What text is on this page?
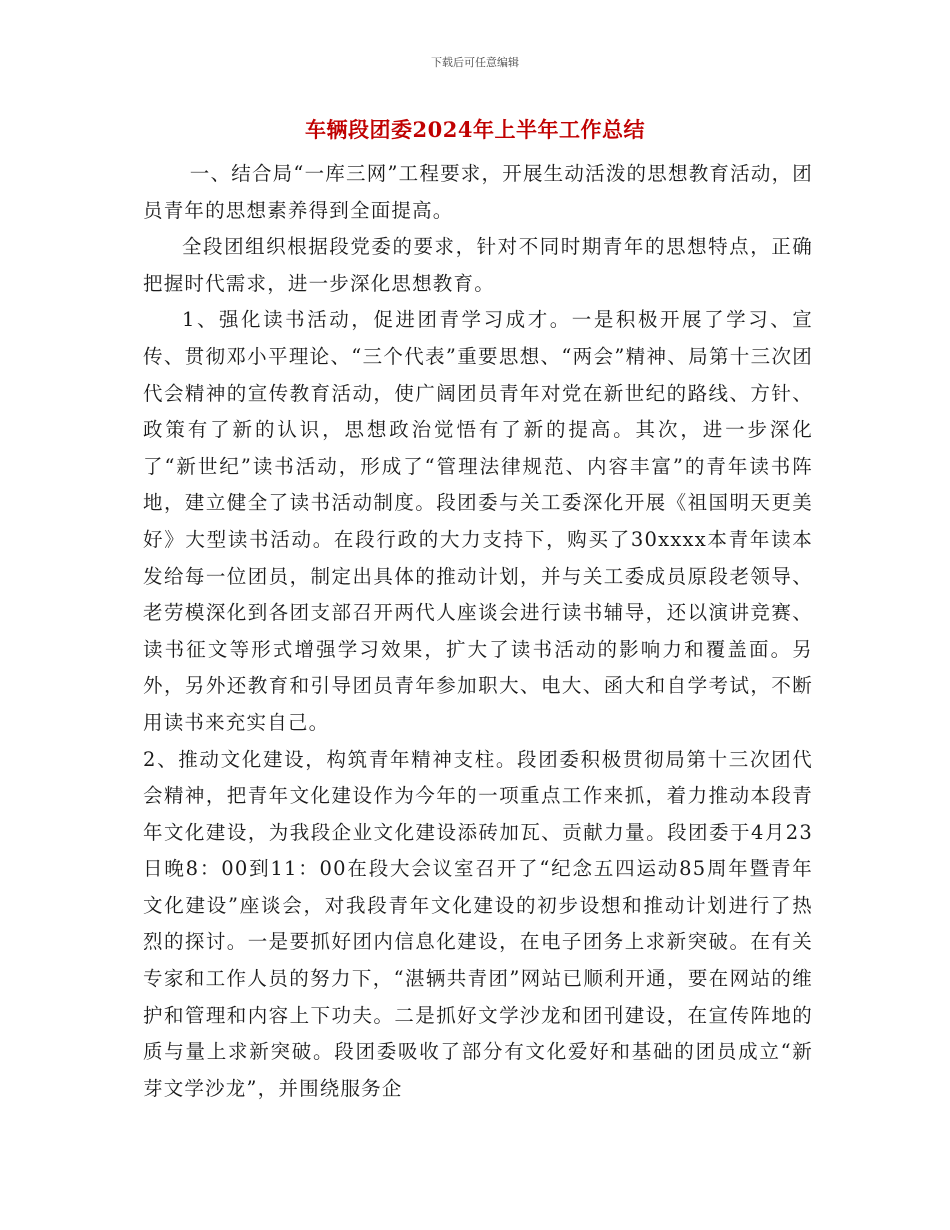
下载后可任意编辑
车辆段团委2024年上半年工作总结

一、结合局“一库三网”工程要求，开展生动活泼的思想教育活动，团员青年的思想素养得到全面提高。

全段团组织根据段党委的要求，针对不同时期青年的思想特点，正确把握时代需求，进一步深化思想教育。

1、强化读书活动，促进团青学习成才。一是积极开展了学习、宣传、贯彻邓小平理论、“三个代表”重要思想、“两会”精神、局第十三次团代会精神的宣传教育活动，使广阔团员青年对党在新世纪的路线、方针、政策有了新的认识，思想政治觉悟有了新的提高。其次，进一步深化了“新世纪”读书活动，形成了“管理法律规范、内容丰富”的青年读书阵地，建立健全了读书活动制度。段团委与关工委深化开展《祖国明天更美好》大型读书活动。在段行政的大力支持下，购买了30xxxx本青年读本发给每一位团员，制定出具体的推动计划，并与关工委成员原段老领导、老劳模深化到各团支部召开两代人座谈会进行读书辅导，还以演讲竞赛、读书征文等形式增强学习效果，扩大了读书活动的影响力和覆盖面。另外，另外还教育和引导团员青年参加职大、电大、函大和自学考试，不断用读书来充实自己。

2、推动文化建设，构筑青年精神支柱。段团委积极贯彻局第十三次团代会精神，把青年文化建设作为今年的一项重点工作来抓，着力推动本段青年文化建设，为我段企业文化建设添砖加瓦、贡献力量。段团委于4月23日晚8：00到11：00在段大会议室召开了“纪念五四运动85周年暨青年文化建设”座谈会，对我段青年文化建设的初步设想和推动计划进行了热烈的探讨。一是要抓好团内信息化建设，在电子团务上求新突破。在有关专家和工作人员的努力下，“湛辆共青团”网站已顺利开通，要在网站的维护和管理和内容上下功夫。二是抓好文学沙龙和团刊建设，在宣传阵地的质与量上求新突破。段团委吸收了部分有文化爱好和基础的团员成立“新芽文学沙龙”，并围绕服务企
